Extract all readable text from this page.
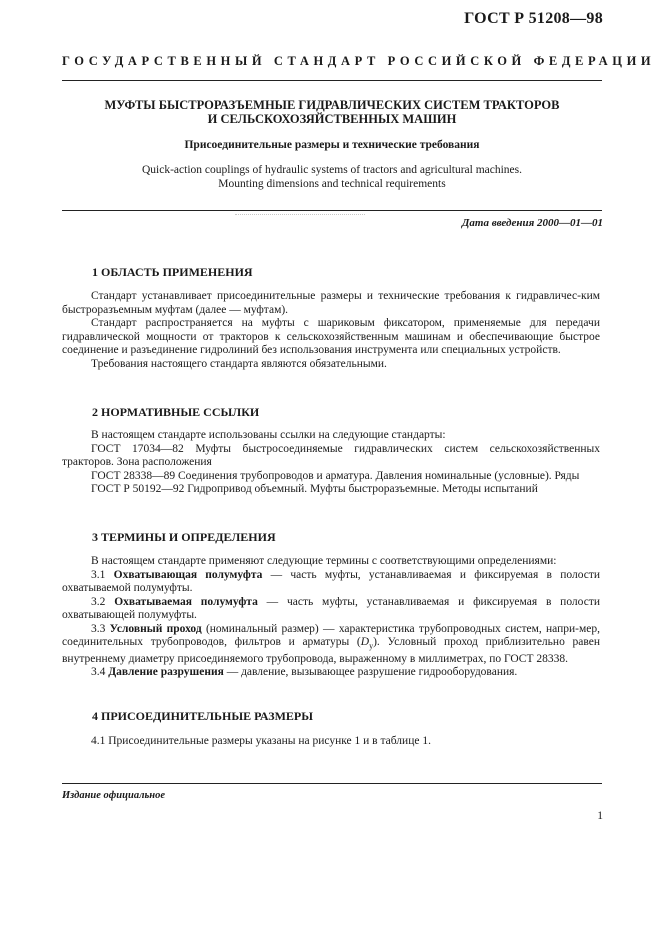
ГОСТ Р 51208—98
ГОСУДАРСТВЕННЫЙ СТАНДАРТ РОССИЙСКОЙ ФЕДЕРАЦИИ
МУФТЫ БЫСТРОРАЗЪЕМНЫЕ ГИДРАВЛИЧЕСКИХ СИСТЕМ ТРАКТОРОВ
И СЕЛЬСКОХОЗЯЙСТВЕННЫХ МАШИН
Присоединительные размеры и технические требования
Quick-action couplings of hydraulic systems of tractors and agricultural machines.
Mounting dimensions and technical requirements
Дата введения 2000—01—01
1 ОБЛАСТЬ ПРИМЕНЕНИЯ
Стандарт устанавливает присоединительные размеры и технические требования к гидравличес-ким быстроразъемным муфтам (далее — муфтам).
Стандарт распространяется на муфты с шариковым фиксатором, применяемые для передачи гидравлической мощности от тракторов к сельскохозяйственным машинам и обеспечивающие быстрое соединение и разъединение гидролиний без использования инструмента или специальных устройств.
Требования настоящего стандарта являются обязательными.
2 НОРМАТИВНЫЕ ССЫЛКИ
В настоящем стандарте использованы ссылки на следующие стандарты:
ГОСТ 17034—82 Муфты быстросоединяемые гидравлических систем сельскохозяйственных тракторов. Зона расположения
ГОСТ 28338—89 Соединения трубопроводов и арматура. Давления номинальные (условные). Ряды
ГОСТ Р 50192—92 Гидропривод объемный. Муфты быстроразъемные. Методы испытаний
3 ТЕРМИНЫ И ОПРЕДЕЛЕНИЯ
В настоящем стандарте применяют следующие термины с соответствующими определениями:
3.1 Охватывающая полумуфта — часть муфты, устанавливаемая и фиксируемая в полости охватываемой полумуфты.
3.2 Охватываемая полумуфта — часть муфты, устанавливаемая и фиксируемая в полости охватывающей полумуфты.
3.3 Условный проход (номинальный размер) — характеристика трубопроводных систем, напри-мер, соединительных трубопроводов, фильтров и арматуры $(D_y)$. Условный проход приблизительно равен внутреннему диаметру присоединяемого трубопровода, выраженному в миллиметрах, по ГОСТ 28338.
3.4 Давление разрушения — давление, вызывающее разрушение гидрооборудования.
4 ПРИСОЕДИНИТЕЛЬНЫЕ РАЗМЕРЫ
4.1 Присоединительные размеры указаны на рисунке 1 и в таблице 1.
Издание официальное
1
